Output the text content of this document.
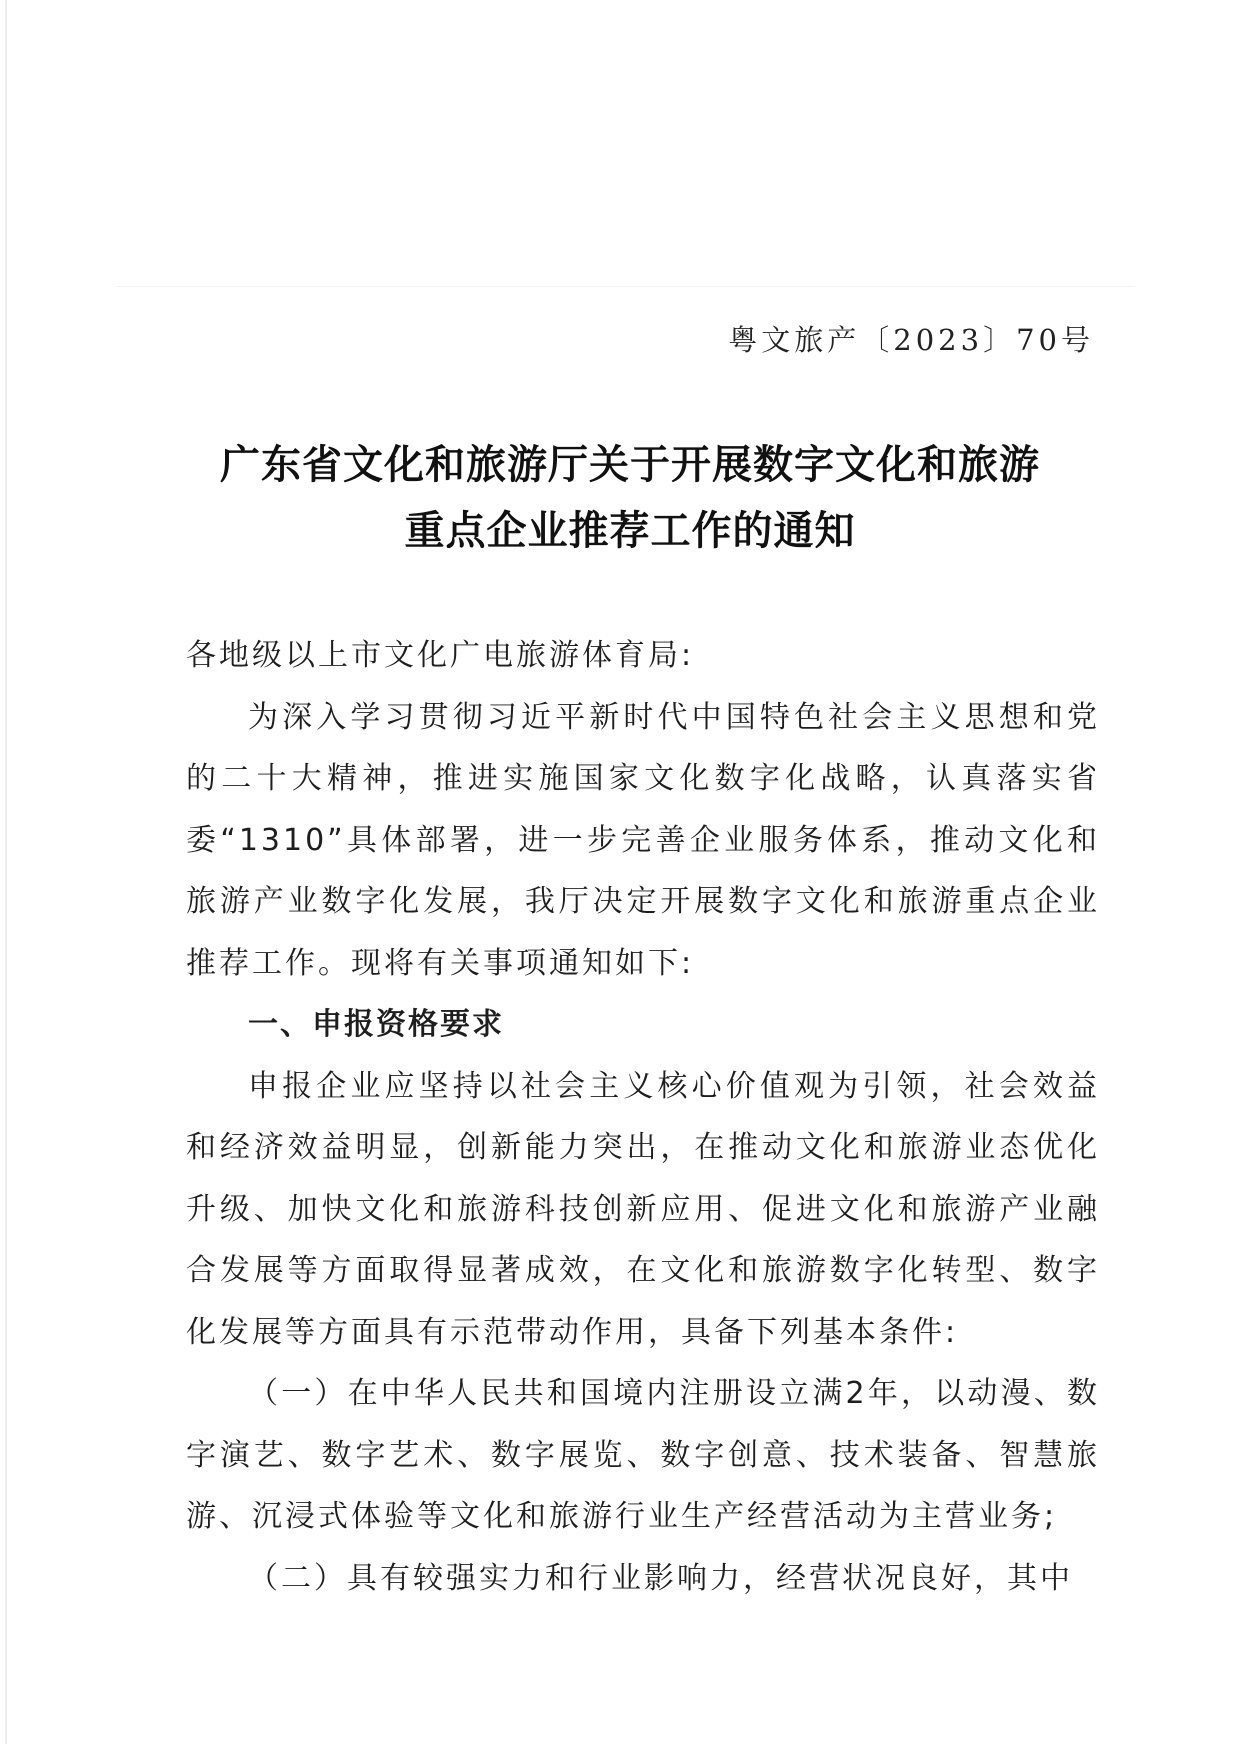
粤文旅产〔2023〕70号
广东省文化和旅游厅关于开展数字文化和旅游
重点企业推荐工作的通知

各地级以上市文化广电旅游体育局:

为深入学习贯彻习近平新时代中国特色社会主义思想和党的二十大精神，推进实施国家文化数字化战略，认真落实省委“1310”具体部署，进一步完善企业服务体系，推动文化和旅游产业数字化发展，我厅决定开展数字文化和旅游重点企业推荐工作。现将有关事项通知如下:

一、申报资格要求

申报企业应坚持以社会主义核心价值观为引领，社会效益和经济效益明显，创新能力突出，在推动文化和旅游业态优化升级、加快文化和旅游科技创新应用、促进文化和旅游产业融合发展等方面取得显著成效，在文化和旅游数字化转型、数字化发展等方面具有示范带动作用，具备下列基本条件:

（一）在中华人民共和国境内注册设立满2年，以动漫、数字演艺、数字艺术、数字展览、数字创意、技术装备、智慧旅游、沉浸式体验等文化和旅游行业生产经营活动为主营业务;

（二）具有较强实力和行业影响力，经营状况良好，其中
